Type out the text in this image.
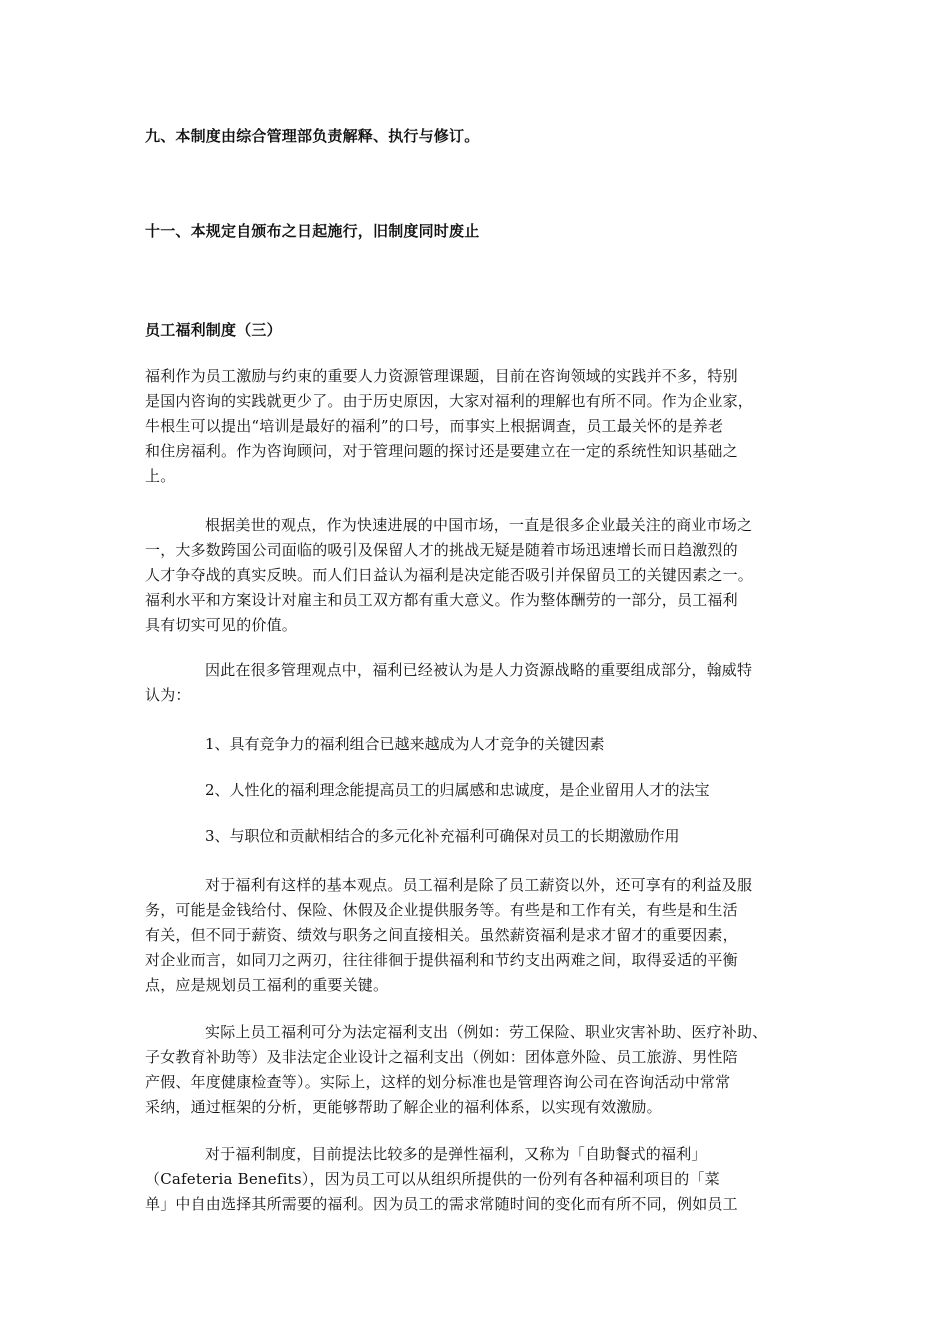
九、本制度由综合管理部负责解释、执行与修订。
十一、本规定自颁布之日起施行，旧制度同时废止
员工福利制度（三）
福利作为员工激励与约束的重要人力资源管理课题，目前在咨询领域的实践并不多，特别
是国内咨询的实践就更少了。由于历史原因，大家对福利的理解也有所不同。作为企业家，
牛根生可以提出“培训是最好的福利”的口号，而事实上根据调查，员工最关怀的是养老
和住房福利。作为咨询顾问，对于管理问题的探讨还是要建立在一定的系统性知识基础之
上。
根据美世的观点，作为快速进展的中国市场，一直是很多企业最关注的商业市场之
一，大多数跨国公司面临的吸引及保留人才的挑战无疑是随着市场迅速增长而日趋激烈的
人才争夺战的真实反映。而人们日益认为福利是决定能否吸引并保留员工的关键因素之一。
福利水平和方案设计对雇主和员工双方都有重大意义。作为整体酬劳的一部分，员工福利
具有切实可见的价值。
因此在很多管理观点中，福利已经被认为是人力资源战略的重要组成部分，翰威特
认为：
1、具有竞争力的福利组合已越来越成为人才竞争的关键因素
2、人性化的福利理念能提高员工的归属感和忠诚度，是企业留用人才的法宝
3、与职位和贡献相结合的多元化补充福利可确保对员工的长期激励作用
对于福利有这样的基本观点。员工福利是除了员工薪资以外，还可享有的利益及服
务，可能是金钱给付、保险、休假及企业提供服务等。有些是和工作有关，有些是和生活
有关，但不同于薪资、绩效与职务之间直接相关。虽然薪资福利是求才留才的重要因素，
对企业而言，如同刀之两刃，往往徘徊于提供福利和节约支出两难之间，取得妥适的平衡
点，应是规划员工福利的重要关键。
实际上员工福利可分为法定福利支出（例如：劳工保险、职业灾害补助、医疗补助、
子女教育补助等）及非法定企业设计之福利支出（例如：团体意外险、员工旅游、男性陪
产假、年度健康检查等）。实际上，这样的划分标准也是管理咨询公司在咨询活动中常常
采纳，通过框架的分析，更能够帮助了解企业的福利体系，以实现有效激励。
对于福利制度，目前提法比较多的是弹性福利，又称为「自助餐式的福利」
（Cafeteria Benefits），因为员工可以从组织所提供的一份列有各种福利项目的「菜
单」中自由选择其所需要的福利。因为员工的需求常随时间的变化而有所不同，例如员工
